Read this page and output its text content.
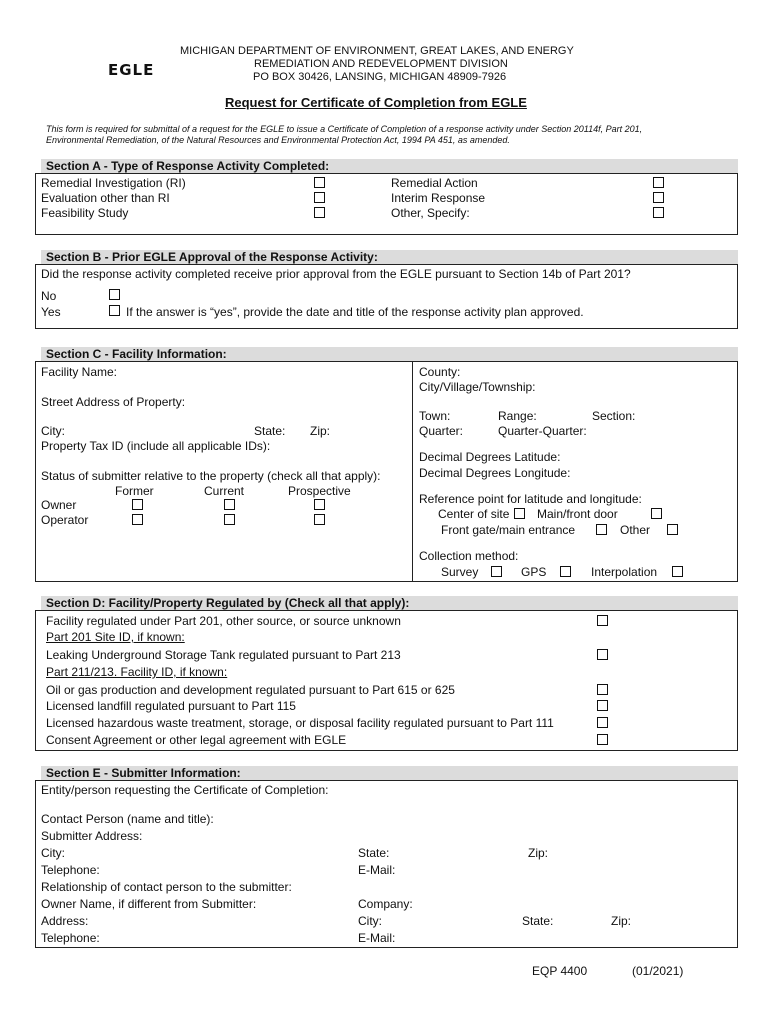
EGLE
MICHIGAN DEPARTMENT OF ENVIRONMENT, GREAT LAKES, AND ENERGY
REMEDIATION AND REDEVELOPMENT DIVISION
PO BOX 30426, LANSING, MICHIGAN 48909-7926
Request for Certificate of Completion from EGLE
This form is required for submittal of a request for the EGLE to issue a Certificate of Completion of a response activity under Section 20114f, Part 201,
Environmental Remediation, of the Natural Resources and Environmental Protection Act, 1994 PA 451, as amended.
Section A - Type of Response Activity Completed:
Remedial Investigation (RI)
Evaluation other than RI
Feasibility Study
Remedial Action
Interim Response
Other, Specify:
Section B - Prior EGLE Approval of the Response Activity:
Did the response activity completed receive prior approval from the EGLE pursuant to Section 14b of Part 201?
No
Yes	If the answer is “yes”, provide the date and title of the response activity plan approved.
Section C - Facility Information:
Facility Name:
Street Address of Property:
City:	State: Zip:
Property Tax ID (include all applicable IDs):
Status of submitter relative to the property (check all that apply):
Former	Current	Prospective
Owner
Operator
County:
City/Village/Township:
Town:	Range:	Section:
Quarter:	Quarter-Quarter:
Decimal Degrees Latitude:
Decimal Degrees Longitude:
Reference point for latitude and longitude:
Center of site Main/front door
Front gate/main entrance	Other
Collection method:
Survey	GPS	Interpolation
Section D: Facility/Property Regulated by (Check all that apply):
Facility regulated under Part 201, other source, or source unknown
Part 201 Site ID, if known:
Leaking Underground Storage Tank regulated pursuant to Part 213
Part 211/213. Facility ID, if known:
Oil or gas production and development regulated pursuant to Part 615 or 625
Licensed landfill regulated pursuant to Part 115
Licensed hazardous waste treatment, storage, or disposal facility regulated pursuant to Part 111
Consent Agreement or other legal agreement with EGLE
Section E - Submitter Information:
Entity/person requesting the Certificate of Completion:
Contact Person (name and title):
Submitter Address:
City:	State:	Zip:
Telephone:	E-Mail:
Relationship of contact person to the submitter:
Owner Name, if different from Submitter:	Company:
Address:	City:	State:	Zip:
Telephone:	E-Mail:
EQP 4400	(01/2021)
